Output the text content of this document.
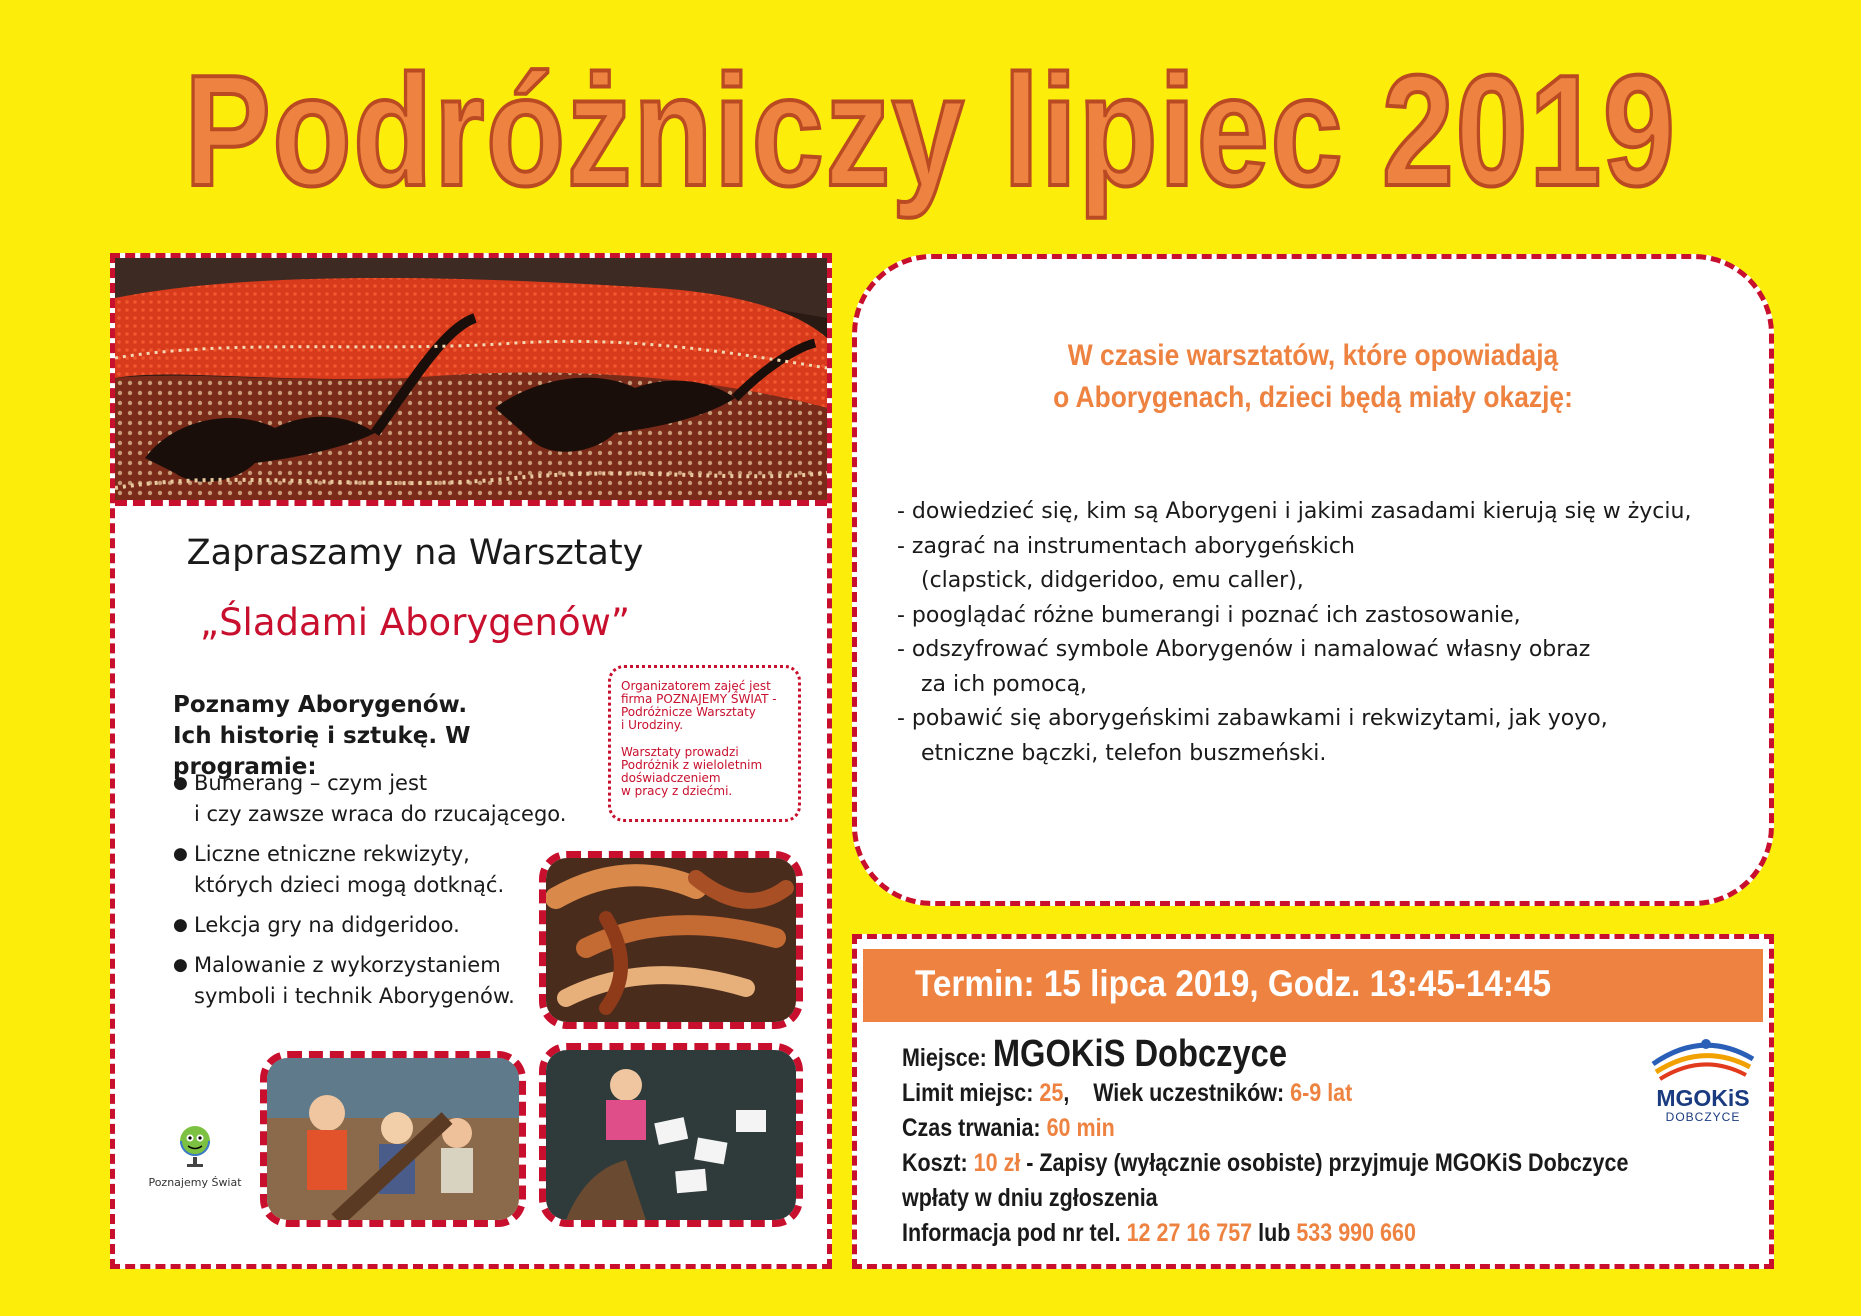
Podróżniczy lipiec 2019
Zapraszamy na Warsztaty
„Śladami Aborygenów”
Poznamy Aborygenów.
Ich historię i sztukę. W programie:
● Bumerang – czym jest
i czy zawsze wraca do rzucającego.
● Liczne etniczne rekwizyty,
których dzieci mogą dotknąć.
● Lekcja gry na didgeridoo.
● Malowanie z wykorzystaniem
symboli i technik Aborygenów.

Organizatorem zajęć jest
firma POZNAJEMY ŚWIAT -
Podróżnicze Warsztaty
i Urodziny.

Warsztaty prowadzi
Podróżnik z wieloletnim
doświadczeniem
w pracy z dziećmi.

Poznajemy Świat
W czasie warsztatów, które opowiadają
o Aborygenach, dzieci będą miały okazję:
- dowiedzieć się, kim są Aborygeni i jakimi zasadami kierują się w życiu,
- zagrać na instrumentach aborygeńskich
(clapstick, didgeridoo, emu caller),
- pooglądać różne bumerangi i poznać ich zastosowanie,
- odszyfrować symbole Aborygenów i namalować własny obraz
za ich pomocą,
- pobawić się aborygeńskimi zabawkami i rekwizytami, jak yoyo,
etniczne bączki, telefon buszmeński.
Termin: 15 lipca 2019, Godz. 13:45-14:45
Miejsce: MGOKiS Dobczyce
Limit miejsc: 25,    Wiek uczestników: 6-9 lat
Czas trwania: 60 min
Koszt: 10 zł - Zapisy (wyłącznie osobiste) przyjmuje MGOKiS Dobczyce
wpłaty w dniu zgłoszenia
Informacja pod nr tel. 12 27 16 757 lub 533 990 660
MGOKiS
DOBCZYCE
